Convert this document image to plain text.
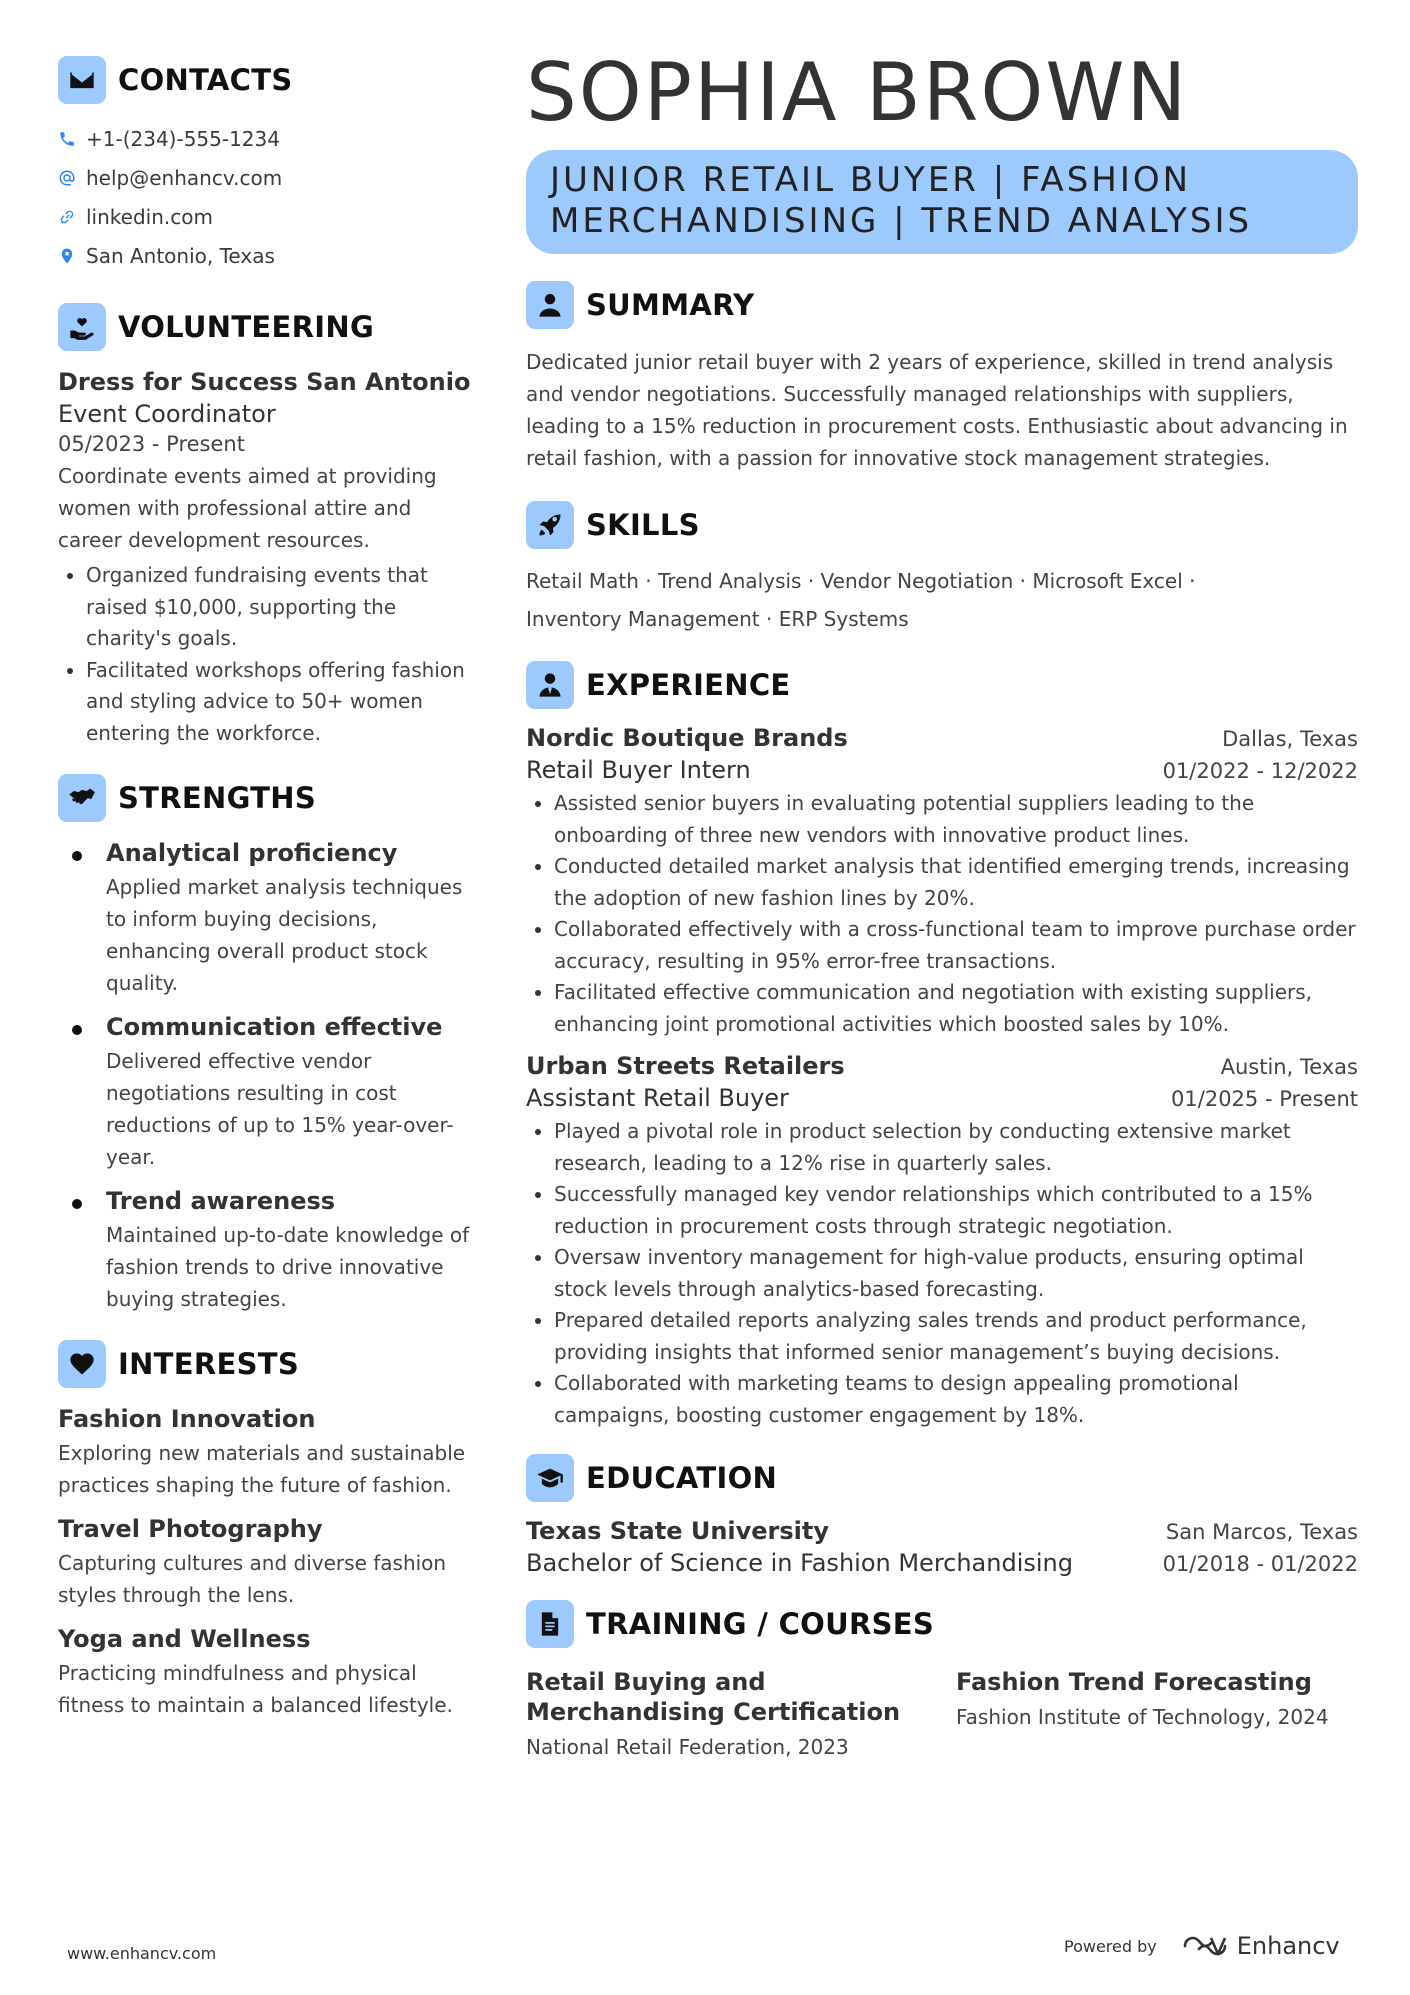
CONTACTS
+1-(234)-555-1234
help@enhancv.com
linkedin.com
San Antonio, Texas
VOLUNTEERING
Dress for Success San Antonio
Event Coordinator
05/2023 - Present
Coordinate events aimed at providing women with professional attire and career development resources.
• Organized fundraising events that raised $10,000, supporting the charity's goals.
• Facilitated workshops offering fashion and styling advice to 50+ women entering the workforce.
STRENGTHS
Analytical proficiency
Applied market analysis techniques to inform buying decisions, enhancing overall product stock quality.
Communication effective
Delivered effective vendor negotiations resulting in cost reductions of up to 15% year-over-year.
Trend awareness
Maintained up-to-date knowledge of fashion trends to drive innovative buying strategies.
INTERESTS
Fashion Innovation
Exploring new materials and sustainable practices shaping the future of fashion.
Travel Photography
Capturing cultures and diverse fashion styles through the lens.
Yoga and Wellness
Practicing mindfulness and physical fitness to maintain a balanced lifestyle.
SOPHIA BROWN
JUNIOR RETAIL BUYER | FASHION
MERCHANDISING | TREND ANALYSIS
SUMMARY
Dedicated junior retail buyer with 2 years of experience, skilled in trend analysis and vendor negotiations. Successfully managed relationships with suppliers, leading to a 15% reduction in procurement costs. Enthusiastic about advancing in retail fashion, with a passion for innovative stock management strategies.
SKILLS
Retail Math · Trend Analysis · Vendor Negotiation · Microsoft Excel ·
Inventory Management · ERP Systems
EXPERIENCE
Nordic Boutique Brands	Dallas, Texas
Retail Buyer Intern	01/2022 - 12/2022
• Assisted senior buyers in evaluating potential suppliers leading to the onboarding of three new vendors with innovative product lines.
• Conducted detailed market analysis that identified emerging trends, increasing the adoption of new fashion lines by 20%.
• Collaborated effectively with a cross-functional team to improve purchase order accuracy, resulting in 95% error-free transactions.
• Facilitated effective communication and negotiation with existing suppliers, enhancing joint promotional activities which boosted sales by 10%.
Urban Streets Retailers	Austin, Texas
Assistant Retail Buyer	01/2025 - Present
• Played a pivotal role in product selection by conducting extensive market research, leading to a 12% rise in quarterly sales.
• Successfully managed key vendor relationships which contributed to a 15% reduction in procurement costs through strategic negotiation.
• Oversaw inventory management for high-value products, ensuring optimal stock levels through analytics-based forecasting.
• Prepared detailed reports analyzing sales trends and product performance, providing insights that informed senior management’s buying decisions.
• Collaborated with marketing teams to design appealing promotional campaigns, boosting customer engagement by 18%.
EDUCATION
Texas State University	San Marcos, Texas
Bachelor of Science in Fashion Merchandising	01/2018 - 01/2022
TRAINING / COURSES
Retail Buying and Merchandising Certification
National Retail Federation, 2023
Fashion Trend Forecasting
Fashion Institute of Technology, 2024
www.enhancv.com	Powered by	Enhancv
